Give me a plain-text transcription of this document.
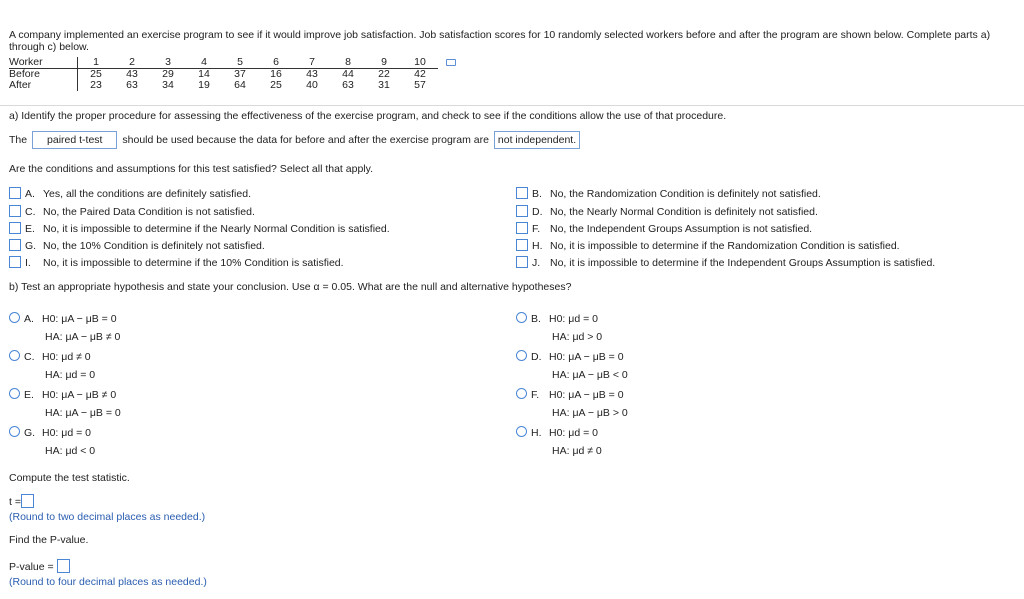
A company implemented an exercise program to see if it would improve job satisfaction. Job satisfaction scores for 10 randomly selected workers before and after the program are shown below. Complete parts a) through c) below.
Worker	1	2	3	4	5	6	7	8	9	10	
Before	25	43	29	14	37	16	43	44	22	42	
After	23	63	34	19	64	25	40	63	31	57	
a) Identify the proper procedure for assessing the effectiveness of the exercise program, and check to see if the conditions allow the use of that procedure.
The paired t-test should be used because the data for before and after the exercise program are not independent.
Are the conditions and assumptions for this test satisfied? Select all that apply.
A. Yes, all the conditions are definitely satisfied.	B. No, the Randomization Condition is definitely not satisfied.
C. No, the Paired Data Condition is not satisfied.	D. No, the Nearly Normal Condition is definitely not satisfied.
E. No, it is impossible to determine if the Nearly Normal Condition is satisfied.	F. No, the Independent Groups Assumption is not satisfied.
G. No, the 10% Condition is definitely not satisfied.	H. No, it is impossible to determine if the Randomization Condition is satisfied.
I. No, it is impossible to determine if the 10% Condition is satisfied.	J. No, it is impossible to determine if the Independent Groups Assumption is satisfied.
b) Test an appropriate hypothesis and state your conclusion. Use α = 0.05. What are the null and alternative hypotheses?
A. H0: μA − μB = 0
HA: μA − μB ≠ 0
B. H0: μd = 0
HA: μd > 0
C. H0: μd ≠ 0
HA: μd = 0
D. H0: μA − μB = 0
HA: μA − μB < 0
E. H0: μA − μB ≠ 0
HA: μA − μB = 0
F. H0: μA − μB = 0
HA: μA − μB > 0
G. H0: μd = 0
HA: μd < 0
H. H0: μd = 0
HA: μd ≠ 0
Compute the test statistic.
t =
(Round to two decimal places as needed.)
Find the P-value.
P-value =
(Round to four decimal places as needed.)
